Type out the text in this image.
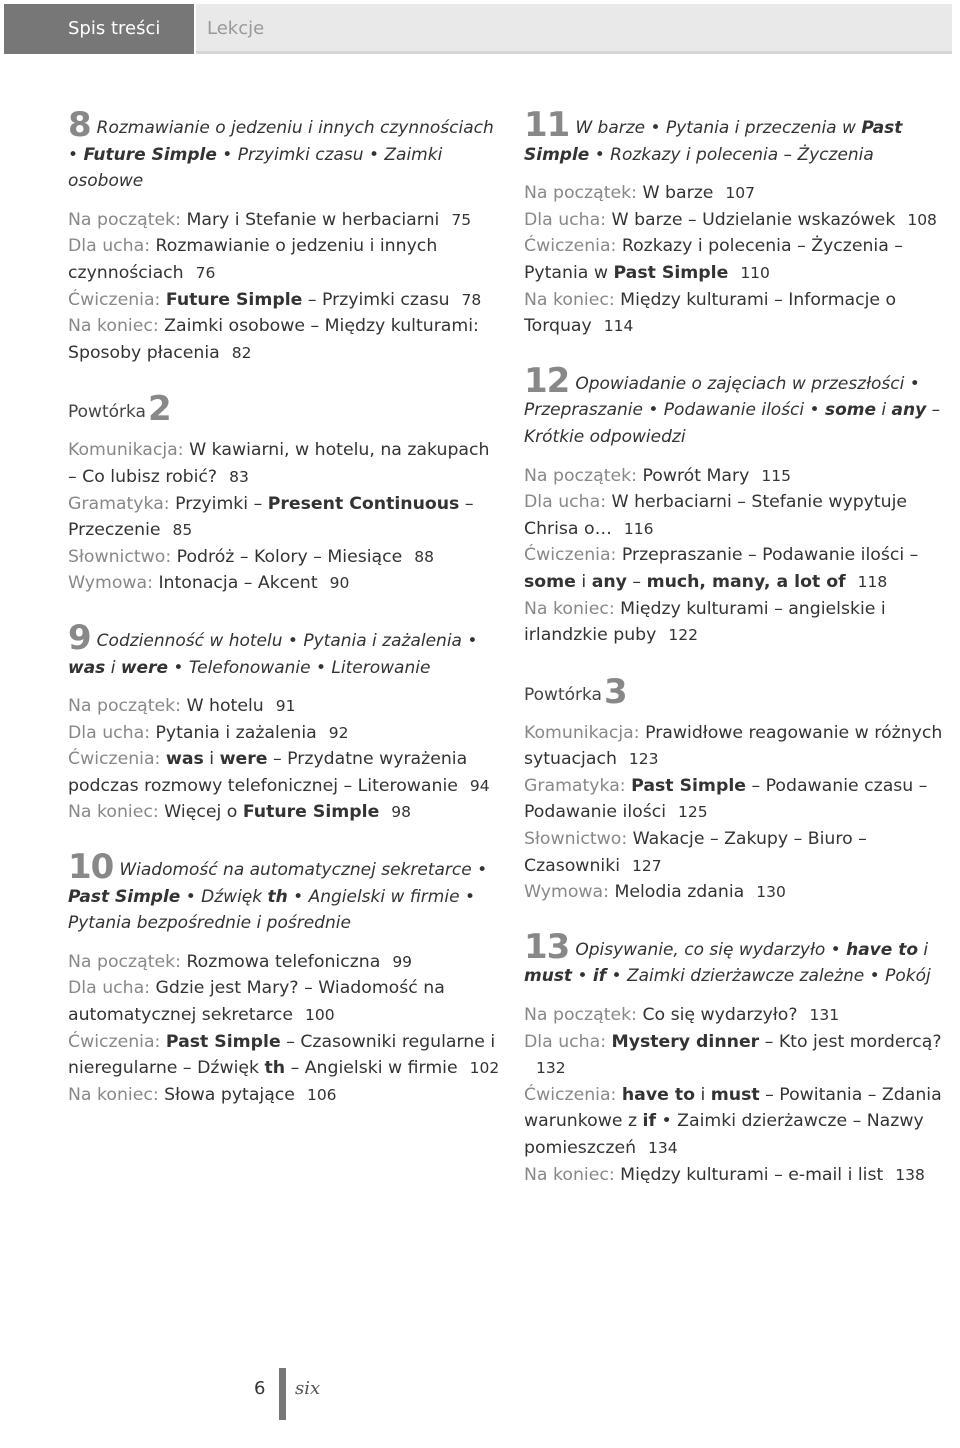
Spis treści	Lekcje
8 Rozmawianie o jedzeniu i innych czynnościach • Future Simple • Przyimki czasu • Zaimki osobowe
Na początek: Mary i Stefanie w herbaciarni 75
Dla ucha: Rozmawianie o jedzeniu i innych czynnościach 76
Ćwiczenia: Future Simple – Przyimki czasu 78
Na koniec: Zaimki osobowe – Między kulturami: Sposoby płacenia 82
Powtórka2
Komunikacja: W kawiarni, w hotelu, na zakupach – Co lubisz robić? 83
Gramatyka: Przyimki – Present Continuous – Przeczenie 85
Słownictwo: Podróż – Kolory – Miesiące 88
Wymowa: Intonacja – Akcent 90
9 Codzienność w hotelu • Pytania i zażalenia • was i were • Telefonowanie • Literowanie
Na początek: W hotelu 91
Dla ucha: Pytania i zażalenia 92
Ćwiczenia: was i were – Przydatne wyrażenia podczas rozmowy telefonicznej – Literowanie 94
Na koniec: Więcej o Future Simple 98
10 Wiadomość na automatycznej sekretarce • Past Simple • Dźwięk th • Angielski w firmie • Pytania bezpośrednie i pośrednie
Na początek: Rozmowa telefoniczna 99
Dla ucha: Gdzie jest Mary? – Wiadomość na automatycznej sekretarce 100
Ćwiczenia: Past Simple – Czasowniki regularne i nieregularne – Dźwięk th – Angielski w firmie 102
Na koniec: Słowa pytające 106
11 W barze • Pytania i przeczenia w Past Simple • Rozkazy i polecenia – Życzenia
Na początek: W barze 107
Dla ucha: W barze – Udzielanie wskazówek 108
Ćwiczenia: Rozkazy i polecenia – Życzenia – Pytania w Past Simple 110
Na koniec: Między kulturami – Informacje o Torquay 114
12 Opowiadanie o zajęciach w przeszłości • Przepraszanie • Podawanie ilości • some i any – Krótkie odpowiedzi
Na początek: Powrót Mary 115
Dla ucha: W herbaciarni – Stefanie wypytuje Chrisa o… 116
Ćwiczenia: Przepraszanie – Podawanie ilości – some i any – much, many, a lot of 118
Na koniec: Między kulturami – angielskie i irlandzkie puby 122
Powtórka3
Komunikacja: Prawidłowe reagowanie w różnych sytuacjach 123
Gramatyka: Past Simple – Podawanie czasu – Podawanie ilości 125
Słownictwo: Wakacje – Zakupy – Biuro – Czasowniki 127
Wymowa: Melodia zdania 130
13 Opisywanie, co się wydarzyło • have to i must • if • Zaimki dzierżawcze zależne • Pokój
Na początek: Co się wydarzyło? 131
Dla ucha: Mystery dinner – Kto jest mordercą?132
Ćwiczenia: have to i must – Powitania – Zdania warunkowe z if • Zaimki dzierżawcze – Nazwy pomieszczeń 134
Na koniec: Między kulturami – e-mail i list 138
6 six
